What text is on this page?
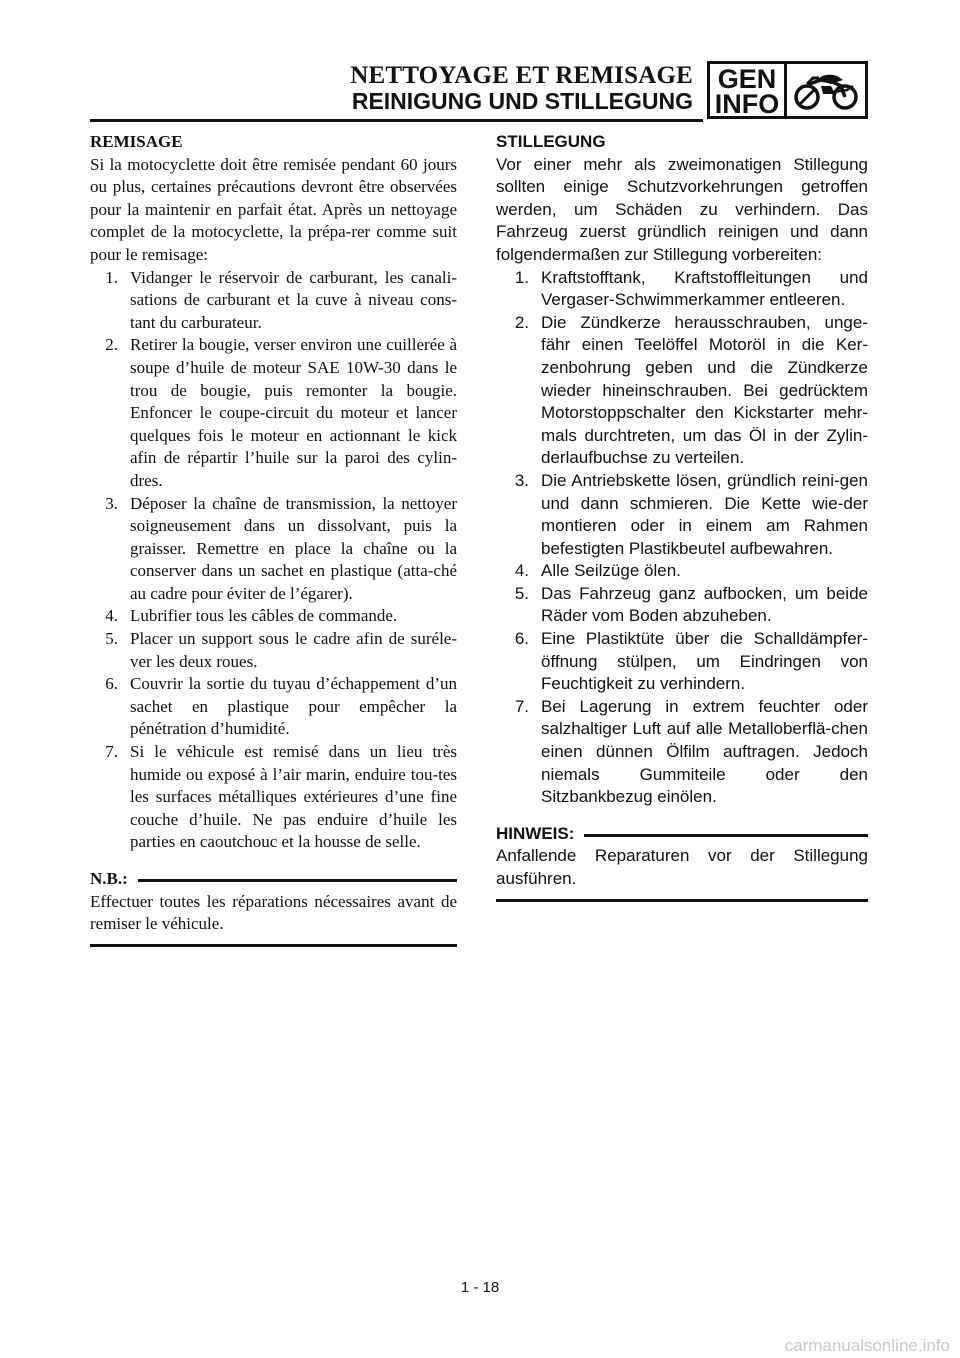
NETTOYAGE ET REMISAGE
REINIGUNG UND STILLEGUNG
GEN
INFO
REMISAGE

Si la motocyclette doit être remisée pendant 60 jours ou plus, certaines précautions devront être observées pour la maintenir en parfait état. Après un nettoyage complet de la motocyclette, la prépa-rer comme suit pour le remisage:

1. Vidanger le réservoir de carburant, les canali-sations de carburant et la cuve à niveau cons-tant du carburateur.
2. Retirer la bougie, verser environ une cuillerée à soupe d’huile de moteur SAE 10W-30 dans le trou de bougie, puis remonter la bougie. Enfoncer le coupe-circuit du moteur et lancer quelques fois le moteur en actionnant le kick afin de répartir l’huile sur la paroi des cylin-dres.
3. Déposer la chaîne de transmission, la nettoyer soigneusement dans un dissolvant, puis la graisser. Remettre en place la chaîne ou la conserver dans un sachet en plastique (atta-ché au cadre pour éviter de l’égarer).
4. Lubrifier tous les câbles de commande.
5. Placer un support sous le cadre afin de suréle-ver les deux roues.
6. Couvrir la sortie du tuyau d’échappement d’un sachet en plastique pour empêcher la pénétration d’humidité.
7. Si le véhicule est remisé dans un lieu très humide ou exposé à l’air marin, enduire tou-tes les surfaces métalliques extérieures d’une fine couche d’huile. Ne pas enduire d’huile les parties en caoutchouc et la housse de selle.
N.B.:

Effectuer toutes les réparations nécessaires avant de remiser le véhicule.

STILLEGUNG

Vor einer mehr als zweimonatigen Stillegung sollten einige Schutzvorkehrungen getroffen werden, um Schäden zu verhindern. Das Fahrzeug zuerst gründlich reinigen und dann folgendermaßen zur Stillegung vorbereiten:

1. Kraftstofftank, Kraftstoffleitungen und Vergaser-Schwimmerkammer entleeren.
2. Die Zündkerze herausschrauben, unge-fähr einen Teelöffel Motoröl in die Ker-zenbohrung geben und die Zündkerze wieder hineinschrauben. Bei gedrücktem Motorstoppschalter den Kickstarter mehr-mals durchtreten, um das Öl in der Zylin-derlaufbuchse zu verteilen.
3. Die Antriebskette lösen, gründlich reini-gen und dann schmieren. Die Kette wie-der montieren oder in einem am Rahmen befestigten Plastikbeutel aufbewahren.
4. Alle Seilzüge ölen.
5. Das Fahrzeug ganz aufbocken, um beide Räder vom Boden abzuheben.
6. Eine Plastiktüte über die Schalldämpfer-öffnung stülpen, um Eindringen von Feuchtigkeit zu verhindern.
7. Bei Lagerung in extrem feuchter oder salzhaltiger Luft auf alle Metalloberflä-chen einen dünnen Ölfilm auftragen. Jedoch niemals Gummiteile oder den Sitzbankbezug einölen.
HINWEIS:

Anfallende Reparaturen vor der Stillegung ausführen.

1 - 18
carmanualsonline.info
